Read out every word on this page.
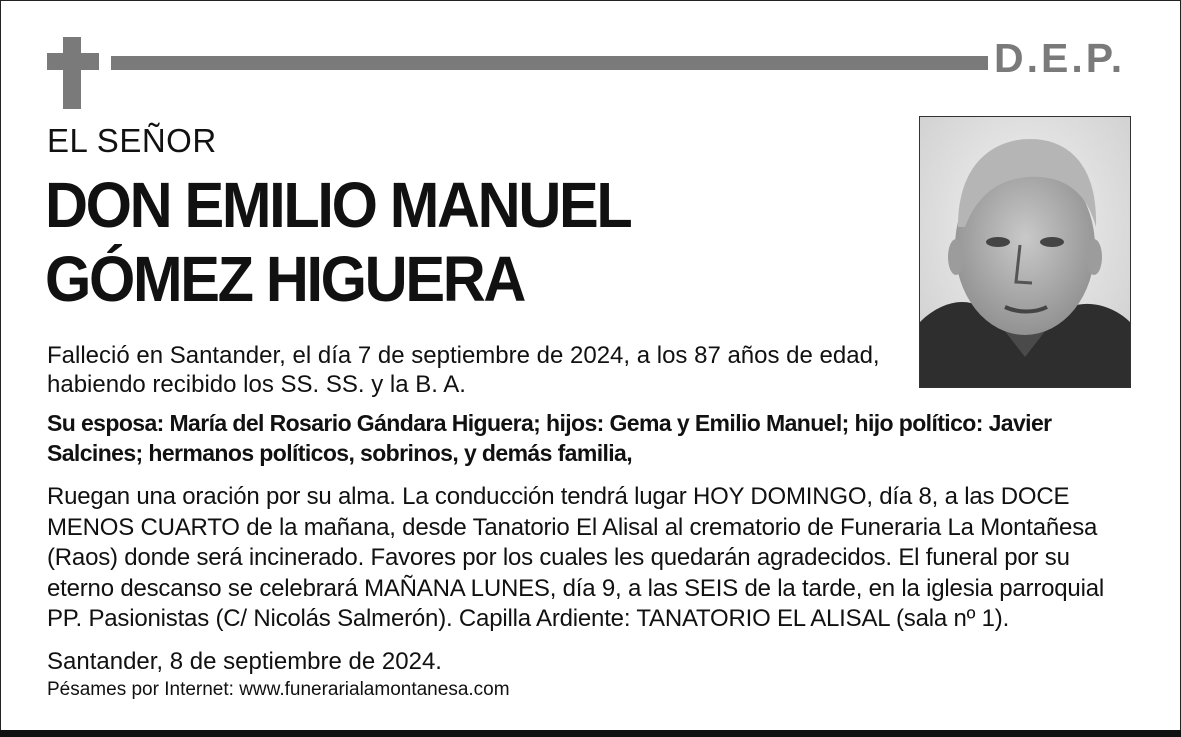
D.E.P.
EL SEÑOR
DON EMILIO MANUEL
GÓMEZ HIGUERA

Falleció en Santander, el día 7 de septiembre de 2024, a los 87 años de edad, habiendo recibido los SS. SS. y la B. A.

Su esposa: María del Rosario Gándara Higuera; hijos: Gema y Emilio Manuel; hijo político: Javier Salcines; hermanos políticos, sobrinos, y demás familia,

Ruegan una oración por su alma. La conducción tendrá lugar HOY DOMINGO, día 8, a las DOCE MENOS CUARTO de la mañana, desde Tanatorio El Alisal al crematorio de Funeraria La Montañesa (Raos) donde será incinerado. Favores por los cuales les quedarán agradecidos. El funeral por su eterno descanso se celebrará MAÑANA LUNES, día 9, a las SEIS de la tarde, en la iglesia parroquial PP. Pasionistas (C/ Nicolás Salmerón). Capilla Ardiente: TANATORIO EL ALISAL (sala nº 1).

Santander, 8 de septiembre de 2024.
Pésames por Internet: www.funerarialamontanesa.com
